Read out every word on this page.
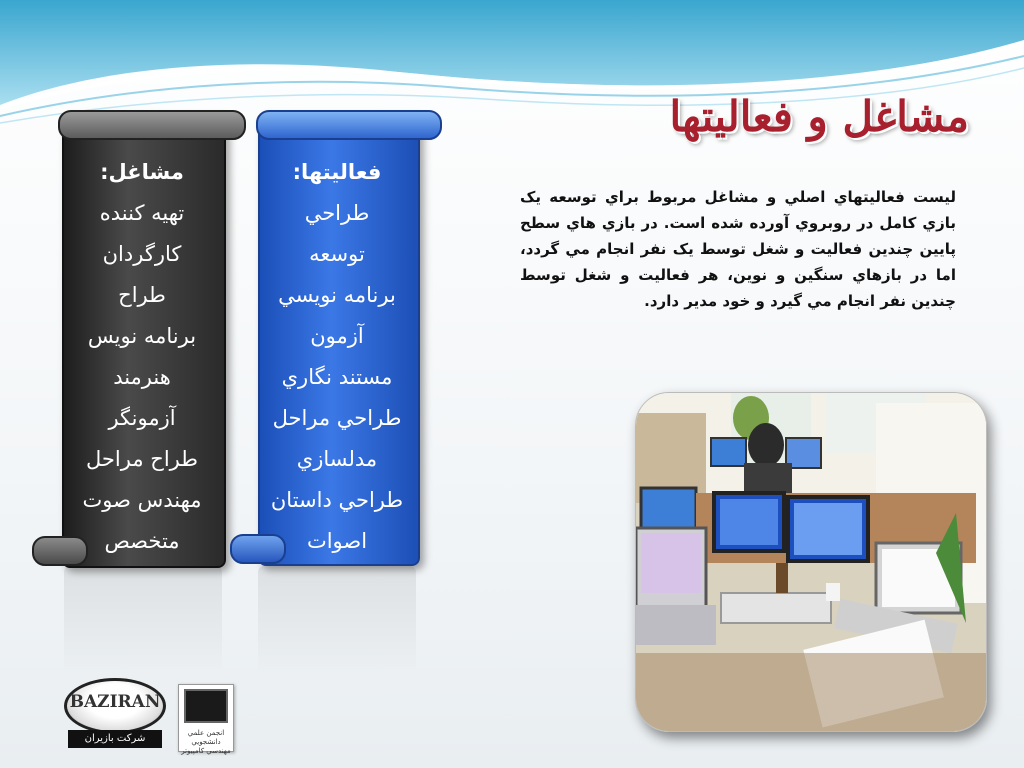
مشاغل و فعاليتها
ليست فعاليتهاي اصلي و مشاغل مربوط براي توسعه يک بازي كامل در روبروي آورده شده است. در بازي هاي سطح پايين چندين فعاليت و شغل توسط يک نفر انجام مي گردد، اما در بازهاي سنگين و نوين، هر فعاليت و شغل توسط چندين نفر انجام مي گيرد و خود مدير دارد.
مشاغل:
تهيه كننده
کارگردان
طراح
برنامه نويس
هنرمند
آزمونگر
طراح مراحل
مهندس صوت
متخصص
فعاليتها:
طراحي
توسعه
برنامه نويسي
آزمون
مستند نگاري
طراحي مراحل
مدلسازي
طراحي داستان
اصوات
BAZIRAN
شرکت بازيران	انجمن علمي دانشجويي
مهندسي کامپيوتر
